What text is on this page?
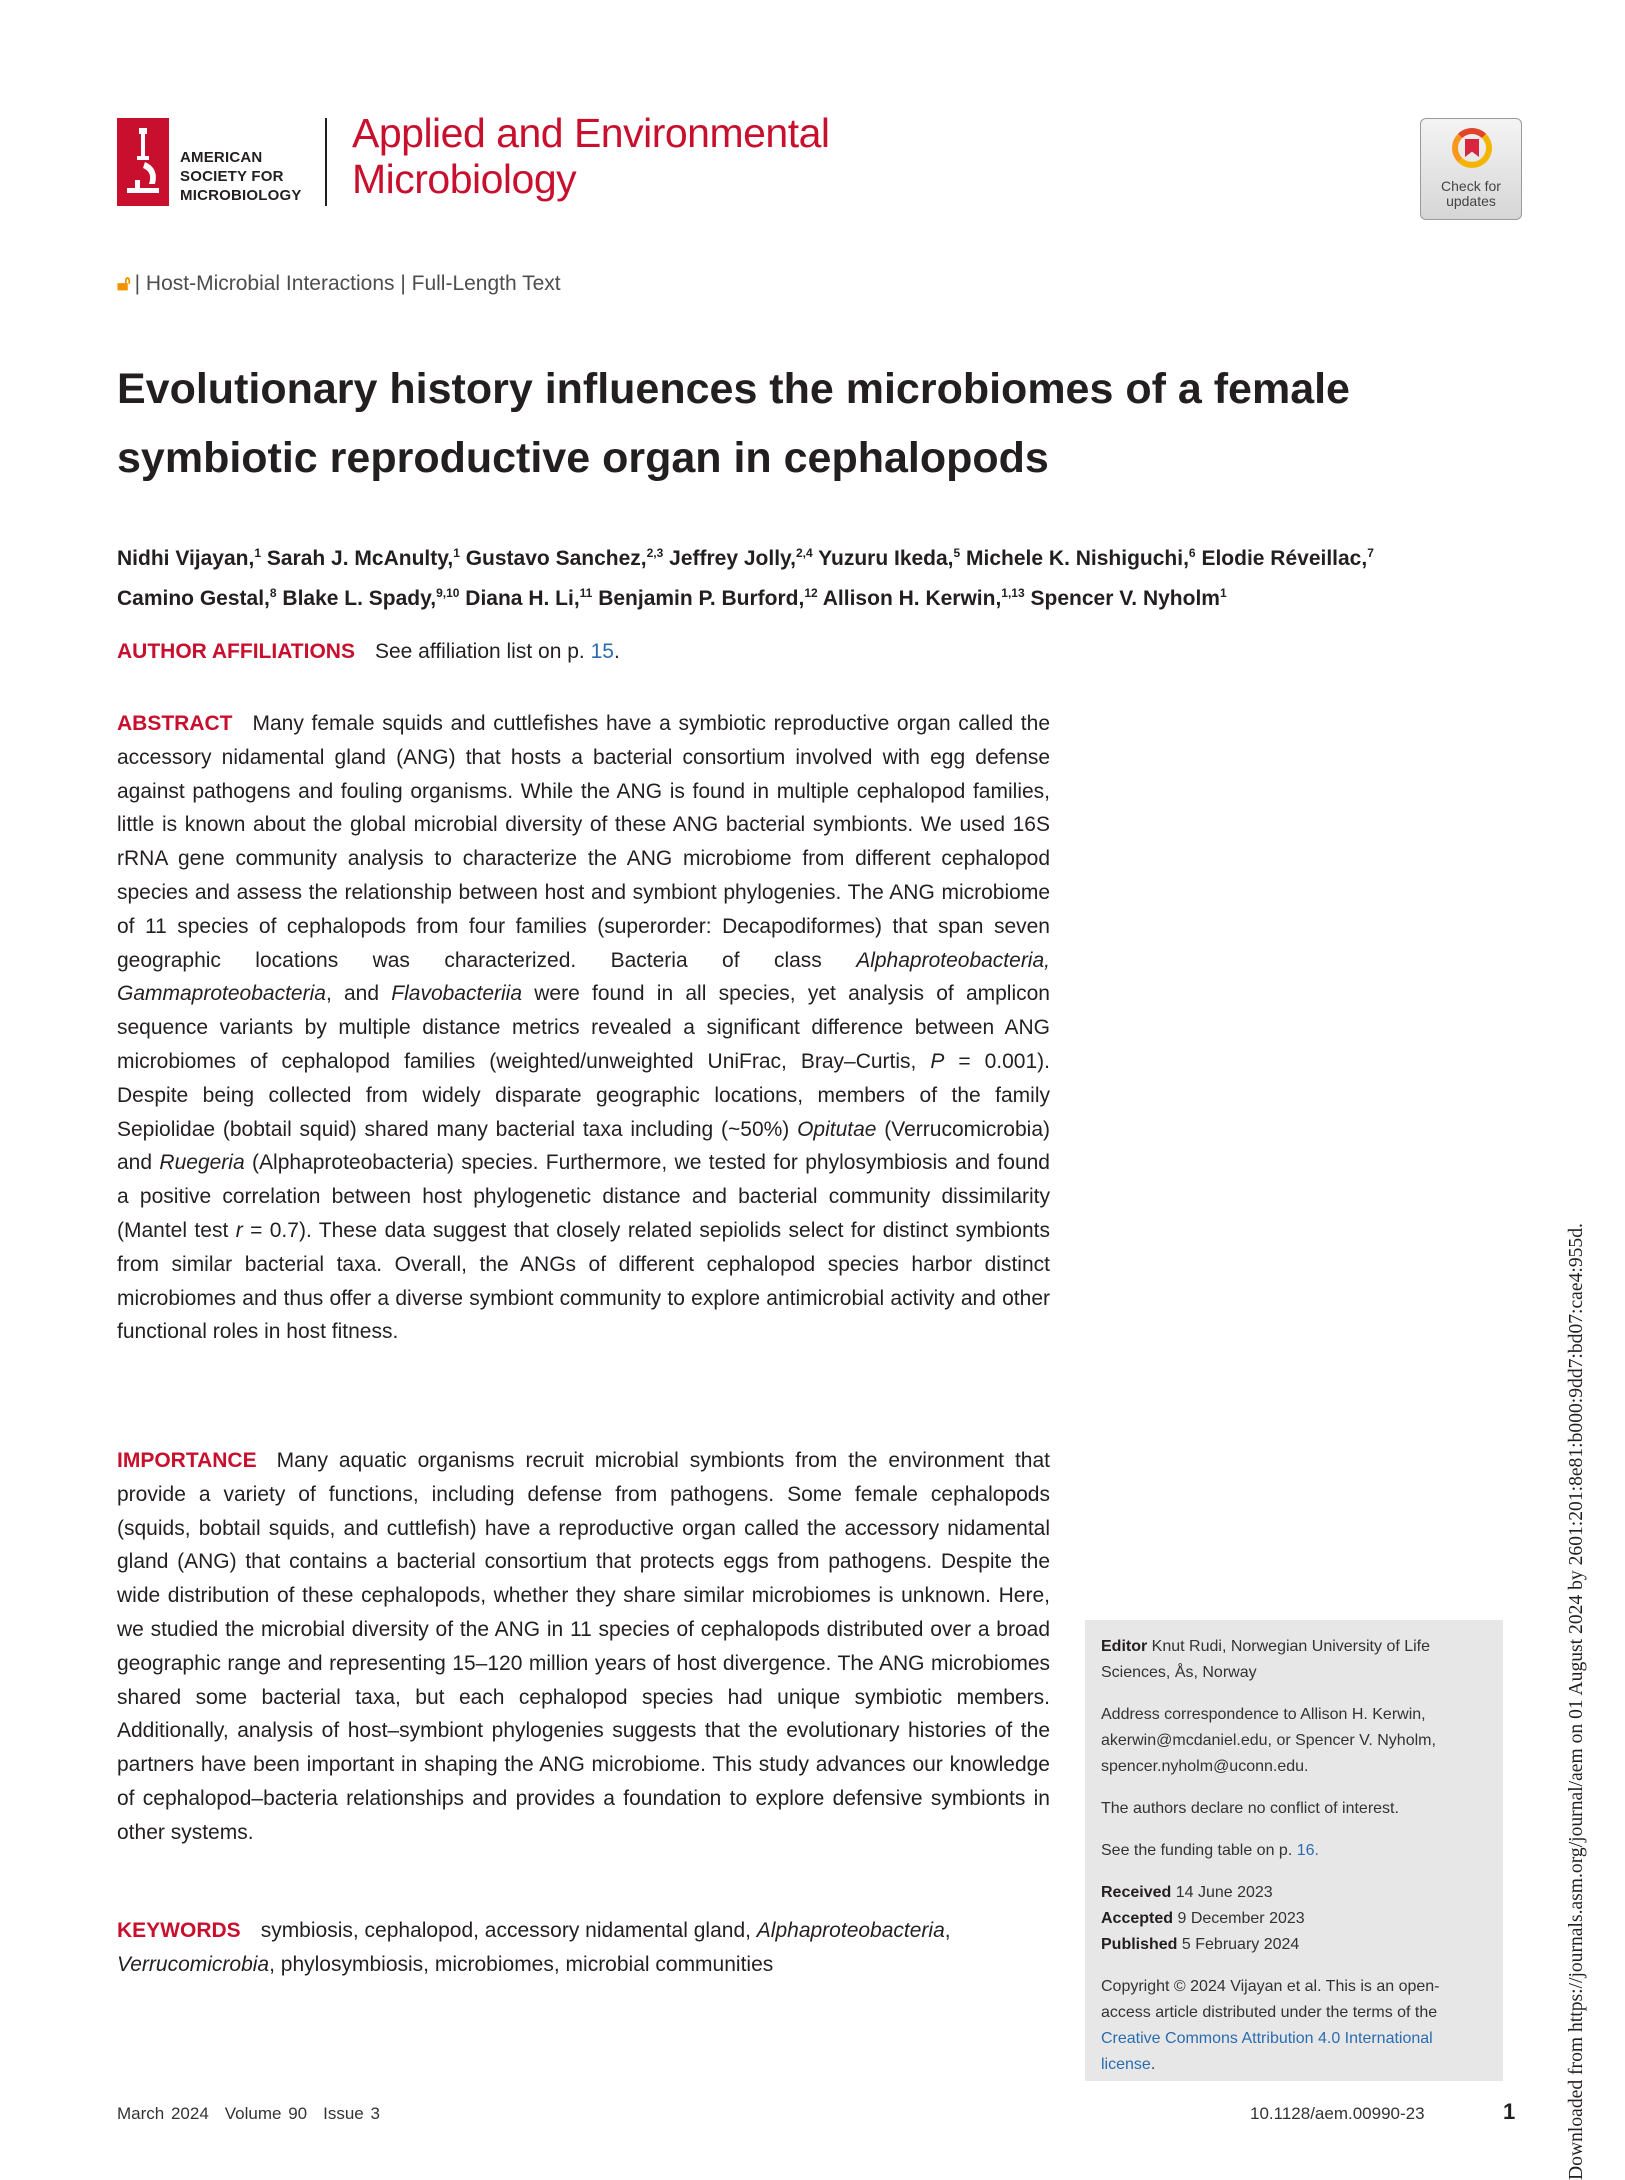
AMERICAN
SOCIETY FOR
MICROBIOLOGY
Applied and Environmental
Microbiology	Check for
updates
🔓︎ | Host-Microbial Interactions | Full-Length Text
Evolutionary history influences the microbiomes of a female symbiotic reproductive organ in cephalopods
Nidhi Vijayan,$^1$ Sarah J. McAnulty,$^1$ Gustavo Sanchez,$^{2,3}$ Jeffrey Jolly,$^{2,4}$ Yuzuru Ikeda,$^5$ Michele K. Nishiguchi,$^6$ Elodie Réveillac,$^7$
Camino Gestal,$^8$ Blake L. Spady,$^{9,10}$ Diana H. Li,$^{11}$ Benjamin P. Burford,$^{12}$ Allison H. Kerwin,$^{1,13}$ Spencer V. Nyholm$^1$
AUTHOR AFFILIATIONS See affiliation list on p. 15.
ABSTRACT Many female squids and cuttlefishes have a symbiotic reproductive organ called the accessory nidamental gland (ANG) that hosts a bacterial consortium involved with egg defense against pathogens and fouling organisms. While the ANG is found in multiple cephalopod families, little is known about the global microbial diversity of these ANG bacterial symbionts. We used 16S rRNA gene community analysis to characterize the ANG microbiome from different cephalopod species and assess the relationship between host and symbiont phylogenies. The ANG microbiome of 11 species of cephalopods from four families (superorder: Decapodiformes) that span seven geographic locations was characterized. Bacteria of class Alphaproteobacteria, Gammaproteobacteria, and Flavobacteriia were found in all species, yet analysis of amplicon sequence variants by multiple distance metrics revealed a significant difference between ANG microbiomes of cephalopod families (weighted/unweighted UniFrac, Bray–Curtis, P = 0.001). Despite being collected from widely disparate geographic locations, members of the family Sepiolidae (bobtail squid) shared many bacterial taxa including (~50%) Opitutae (Verrucomicrobia) and Ruegeria (Alphaproteobacteria) species. Furthermore, we tested for phylosymbiosis and found a positive correlation between host phylogenetic distance and bacterial community dissimilarity (Mantel test r = 0.7). These data suggest that closely related sepiolids select for distinct symbionts from similar bacterial taxa. Overall, the ANGs of different cephalopod species harbor distinct microbiomes and thus offer a diverse symbiont community to explore antimicrobial activity and other functional roles in host fitness.
IMPORTANCE Many aquatic organisms recruit microbial symbionts from the environment that provide a variety of functions, including defense from pathogens. Some female cephalopods (squids, bobtail squids, and cuttlefish) have a reproductive organ called the accessory nidamental gland (ANG) that contains a bacterial consortium that protects eggs from pathogens. Despite the wide distribution of these cephalopods, whether they share similar microbiomes is unknown. Here, we studied the microbial diversity of the ANG in 11 species of cephalopods distributed over a broad geographic range and representing 15–120 million years of host divergence. The ANG microbiomes shared some bacterial taxa, but each cephalopod species had unique symbiotic members. Additionally, analysis of host–symbiont phylogenies suggests that the evolutionary histories of the partners have been important in shaping the ANG microbiome. This study advances our knowledge of cephalopod–bacteria relationships and provides a foundation to explore defensive symbionts in other systems.
KEYWORDS symbiosis, cephalopod, accessory nidamental gland, Alphaproteobacteria, Verrucomicrobia, phylosymbiosis, microbiomes, microbial communities

Editor Knut Rudi, Norwegian University of Life Sciences, Ås, Norway

Address correspondence to Allison H. Kerwin, akerwin@mcdaniel.edu, or Spencer V. Nyholm, spencer.nyholm@uconn.edu.

The authors declare no conflict of interest.

See the funding table on p. 16.

Received 14 June 2023

Accepted 9 December 2023

Published 5 February 2024

Copyright © 2024 Vijayan et al. This is an open-access article distributed under the terms of the Creative Commons Attribution 4.0 International license.

March 2024 Volume 90 Issue 3	10.1128/aem.00990-23	1	Downloaded from https://journals.asm.org/journal/aem on 01 August 2024 by 2601:201:8e81:b000:9dd7:bd07:cae4:955d.
